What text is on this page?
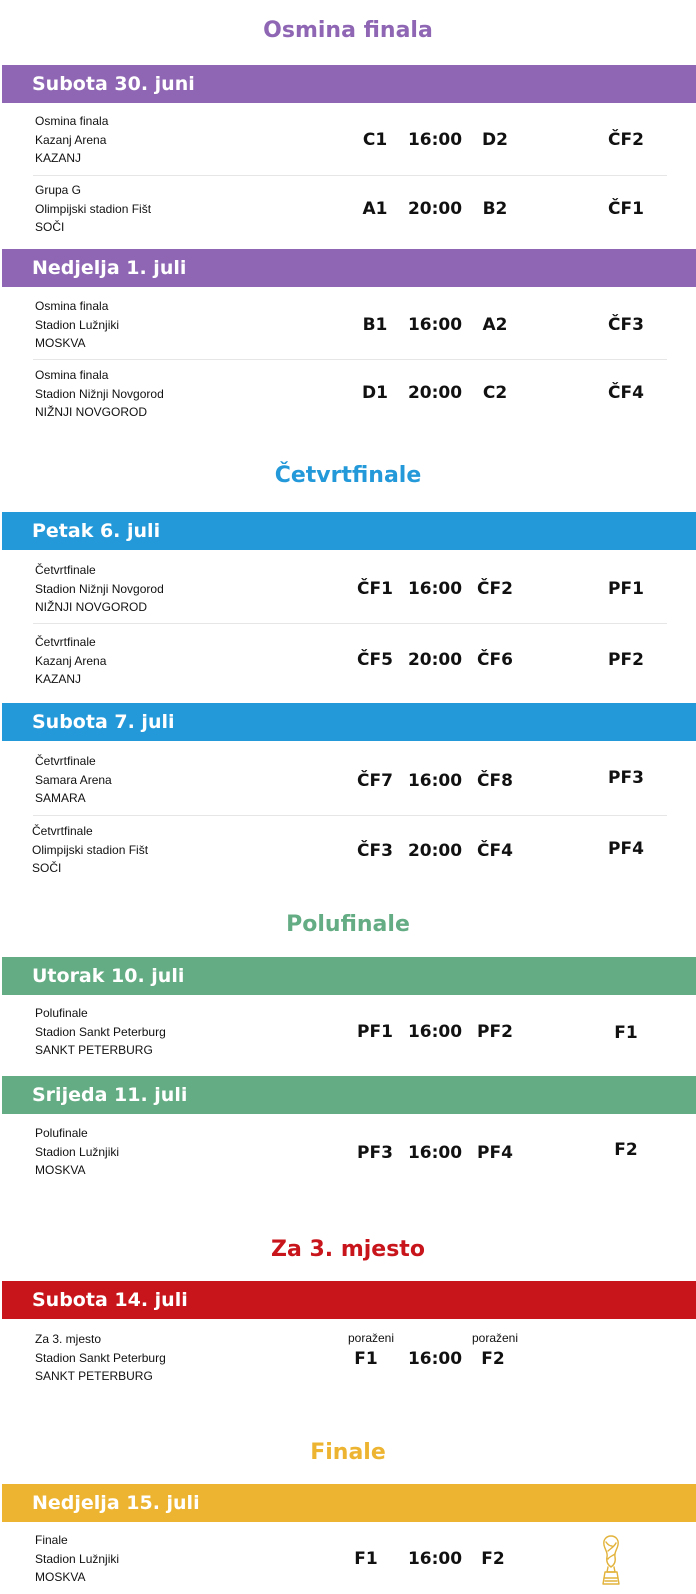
Osmina finala
Subota 30. juni
Osmina finala
Kazanj Arena
KAZANJ
C1	16:00	D2	ČF2
Grupa G
Olimpijski stadion Fišt
SOČI
A1	20:00	B2	ČF1
Nedjelja 1. juli
Osmina finala
Stadion Lužnjiki
MOSKVA
B1	16:00	A2	ČF3
Osmina finala
Stadion Nižnji Novgorod
NIŽNJI NOVGOROD
D1	20:00	C2	ČF4
Četvrtfinale
Petak 6. juli
Četvrtfinale
Stadion Nižnji Novgorod
NIŽNJI NOVGOROD
ČF1 16:00 ČF2	PF1
Četvrtfinale
Kazanj Arena
KAZANJ
ČF5 20:00 ČF6	PF2
Subota 7. juli
Četvrtfinale
Samara Arena
SAMARA
ČF7 16:00 ČF8	PF3
Četvrtfinale
Olimpijski stadion Fišt
SOČI
ČF3 20:00 ČF4	PF4
Polufinale
Utorak 10. juli
Polufinale
Stadion Sankt Peterburg
SANKT PETERBURG
PF1 16:00 PF2	F1
Srijeda 11. juli
Polufinale
Stadion Lužnjiki
MOSKVA
PF3 16:00 PF4	F2
Za 3. mjesto
Subota 14. juli
Za 3. mjesto
Stadion Sankt Peterburg
SANKT PETERBURG
poraženi	poraženi
F1	16:00	F2
Finale
Nedjelja 15. juli
Finale
Stadion Lužnjiki
MOSKVA
F1	16:00	F2
